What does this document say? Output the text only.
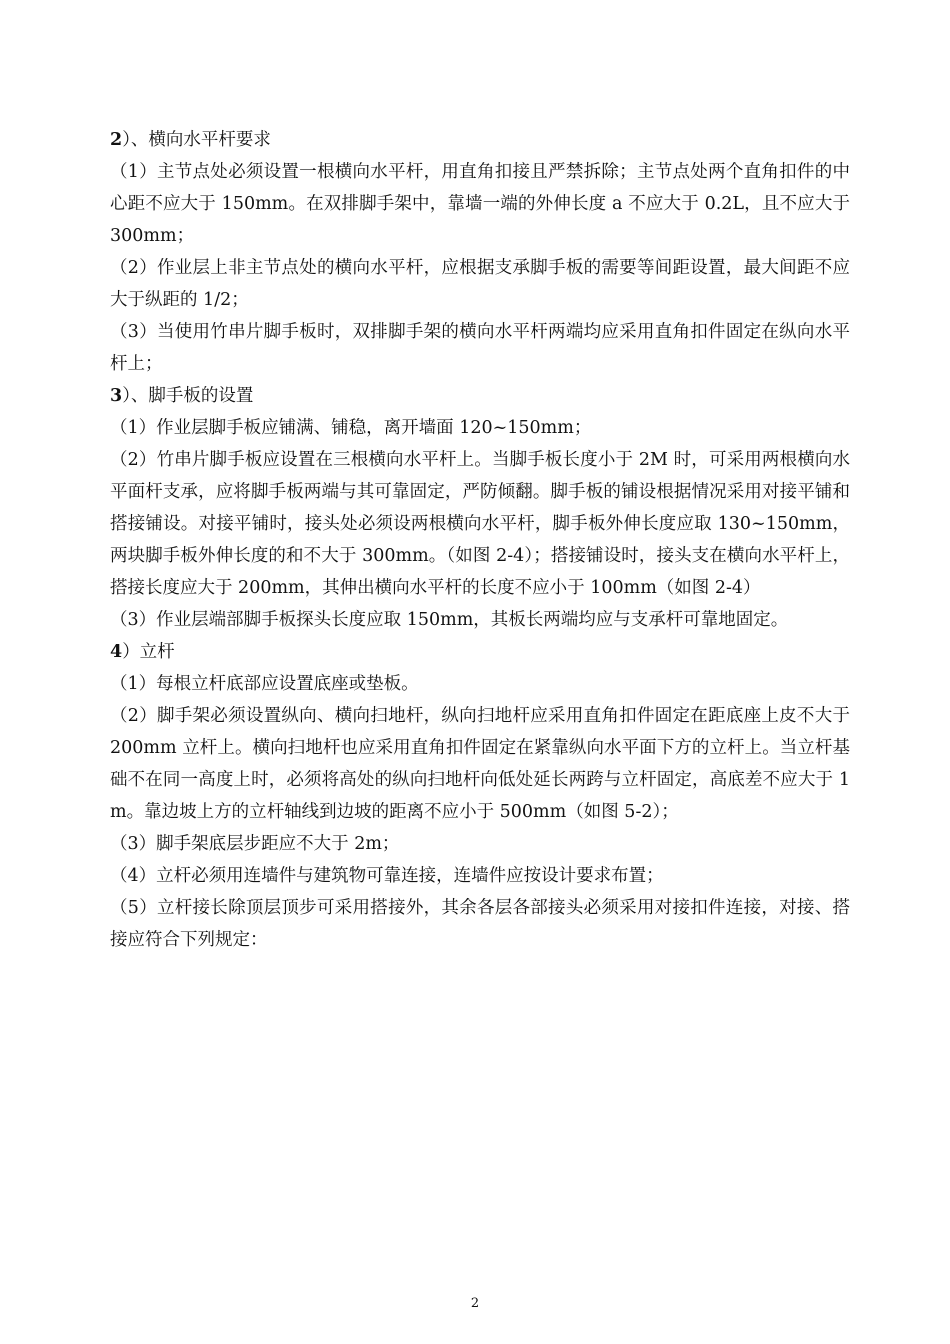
2）、横向水平杆要求

（1）主节点处必须设置一根横向水平杆，用直角扣接且严禁拆除；主节点处两个直角扣件的中心距不应大于 150mm。在双排脚手架中，靠墙一端的外伸长度 a 不应大于 0.2L，且不应大于 300mm；

（2）作业层上非主节点处的横向水平杆，应根据支承脚手板的需要等间距设置，最大间距不应大于纵距的 1/2；

（3）当使用竹串片脚手板时，双排脚手架的横向水平杆两端均应采用直角扣件固定在纵向水平杆上；

3）、脚手板的设置

（1）作业层脚手板应铺满、铺稳，离开墙面 120~150mm；

（2）竹串片脚手板应设置在三根横向水平杆上。当脚手板长度小于 2M 时，可采用两根横向水平面杆支承，应将脚手板两端与其可靠固定，严防倾翻。脚手板的铺设根据情况采用对接平铺和搭接铺设。对接平铺时，接头处必须设两根横向水平杆，脚手板外伸长度应取 130~150mm，两块脚手板外伸长度的和不大于 300mm。（如图 2-4）；搭接铺设时，接头支在横向水平杆上，搭接长度应大于 200mm，其伸出横向水平杆的长度不应小于 100mm（如图 2-4）

（3）作业层端部脚手板探头长度应取 150mm，其板长两端均应与支承杆可靠地固定。

4）立杆

（1）每根立杆底部应设置底座或垫板。

（2）脚手架必须设置纵向、横向扫地杆，纵向扫地杆应采用直角扣件固定在距底座上皮不大于 200mm 立杆上。横向扫地杆也应采用直角扣件固定在紧靠纵向水平面下方的立杆上。当立杆基础不在同一高度上时，必须将高处的纵向扫地杆向低处延长两跨与立杆固定，高底差不应大于 1m。靠边坡上方的立杆轴线到边坡的距离不应小于 500mm（如图 5-2）；

（3）脚手架底层步距应不大于 2m；

（4）立杆必须用连墙件与建筑物可靠连接，连墙件应按设计要求布置；

（5）立杆接长除顶层顶步可采用搭接外，其余各层各部接头必须采用对接扣件连接，对接、搭接应符合下列规定：

2
